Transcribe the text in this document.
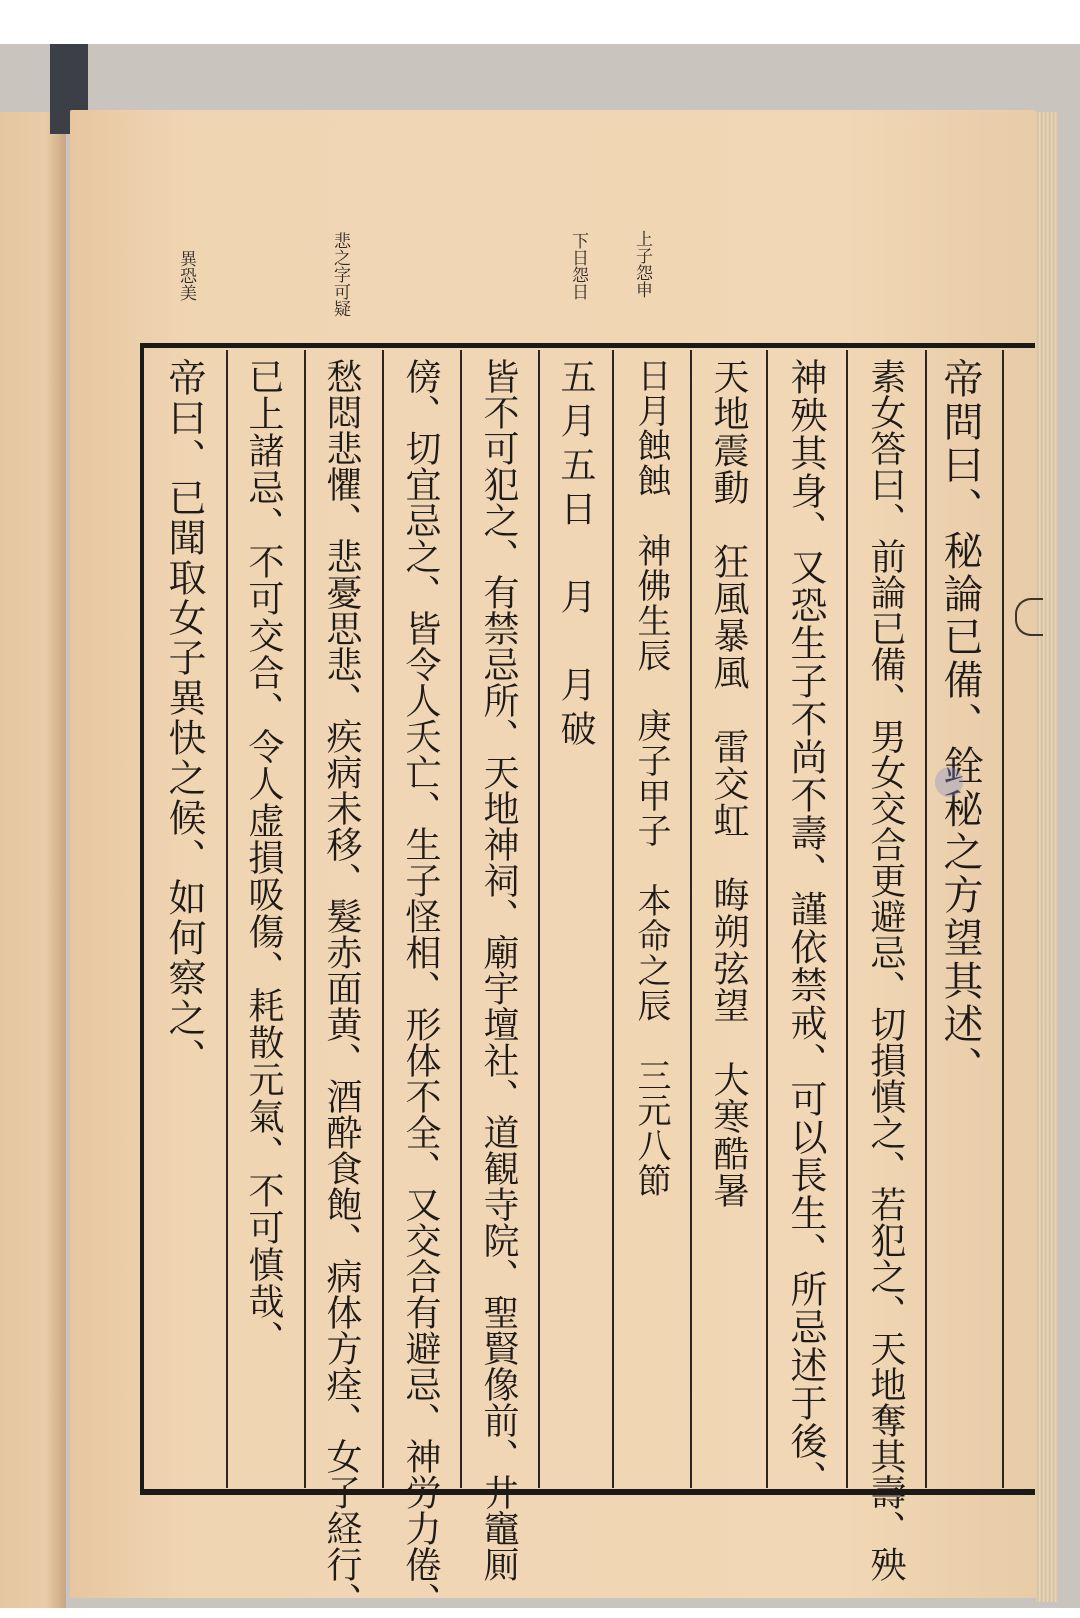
上子怨申
下日怨日
悲之字可疑
異恐美
帝問曰、秘論已備、銓秘之方望其述、
素女答曰、前論已備、男女交合更避忌、切損慎之、若犯之、天地奪其壽、殃
神殃其身、又恐生子不尚不壽、謹依禁戒、可以長生、所忌述于後、
天地震動　狂風暴風　雷交虹　晦朔弦望　大寒酷暑
日月蝕蝕　神佛生辰　庚子甲子　本命之辰　三元八節
五月五日　月　月破
皆不可犯之、有禁忌所、天地神祠、廟宇壇社、道観寺院、聖賢像前、井竈厠
傍、切宜忌之、皆令人夭亡、生子怪相、形体不全、又交合有避忌、神労力倦、
愁悶悲懼、悲憂思悲、疾病未移、髮赤面黄、酒酔食飽、病体方痊、女子経行、
已上諸忌、不可交合、令人虚損吸傷、耗散元氣、不可慎哉、
帝曰、已聞取女子異快之候、如何察之、
